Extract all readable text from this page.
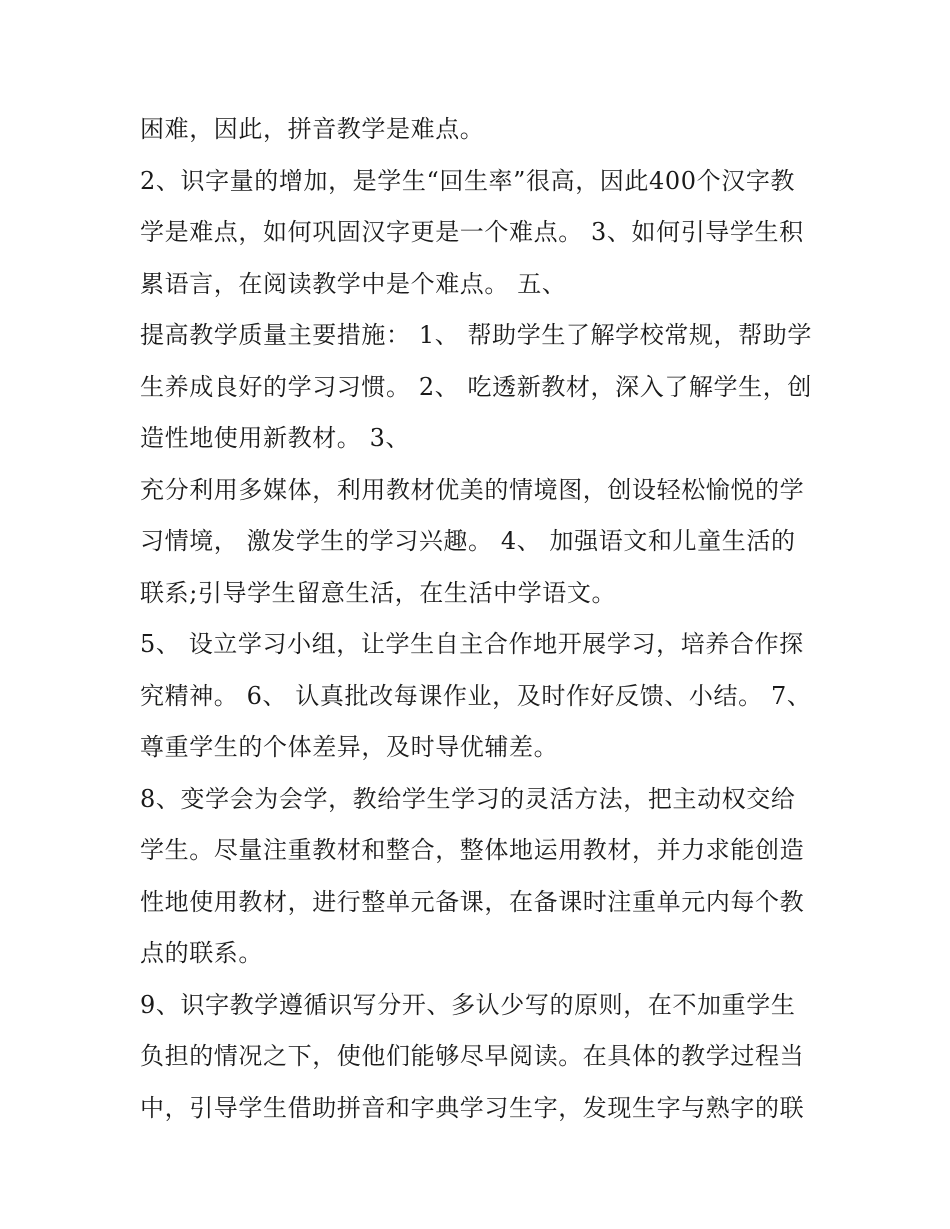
困难，因此，拼音教学是难点。
2、识字量的增加，是学生“回生率”很高，因此400个汉字教
学是难点，如何巩固汉字更是一个难点。 3、如何引导学生积
累语言，在阅读教学中是个难点。 五、
提高教学质量主要措施： 1、 帮助学生了解学校常规，帮助学
生养成良好的学习习惯。 2、 吃透新教材，深入了解学生，创
造性地使用新教材。 3、
充分利用多媒体，利用教材优美的情境图，创设轻松愉悦的学
习情境， 激发学生的学习兴趣。 4、 加强语文和儿童生活的
联系;引导学生留意生活，在生活中学语文。
5、 设立学习小组，让学生自主合作地开展学习，培养合作探
究精神。 6、 认真批改每课作业，及时作好反馈、小结。 7、
尊重学生的个体差异，及时导优辅差。
8、变学会为会学，教给学生学习的灵活方法，把主动权交给
学生。尽量注重教材和整合，整体地运用教材，并力求能创造
性地使用教材，进行整单元备课，在备课时注重单元内每个教
点的联系。
9、识字教学遵循识写分开、多认少写的原则，在不加重学生
负担的情况之下，使他们能够尽早阅读。在具体的教学过程当
中，引导学生借助拼音和字典学习生字，发现生字与熟字的联
